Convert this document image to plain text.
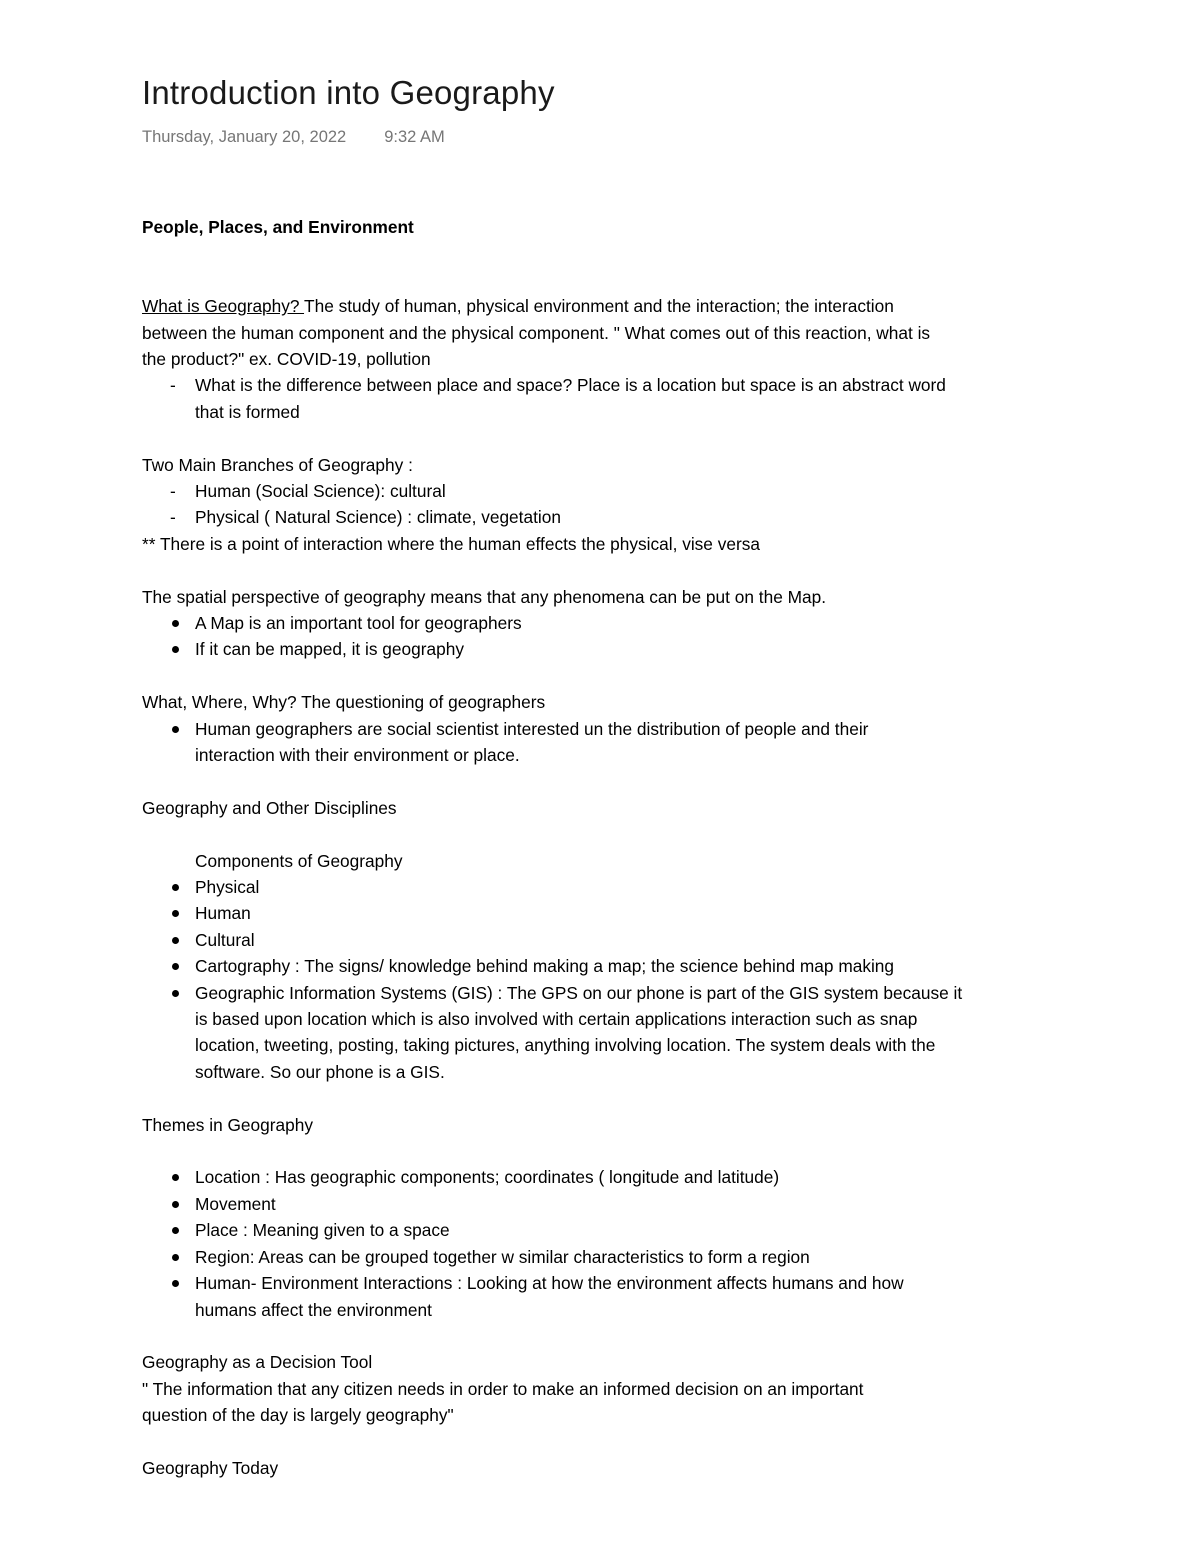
Introduction into Geography
Thursday, January 20, 2022 9:32 AM

People, Places, and Environment

What is Geography? The study of human, physical environment and the interaction; the interaction

between the human component and the physical component. " What comes out of this reaction, what is

the product?" ex. COVID-19, pollution

-

What is the difference between place and space? Place is a location but space is an abstract word

that is formed

Two Main Branches of Geography :

-

Human (Social Science): cultural

-

Physical ( Natural Science) : climate, vegetation

** There is a point of interaction where the human effects the physical, vise versa

The spatial perspective of geography means that any phenomena can be put on the Map.

A Map is an important tool for geographers

If it can be mapped, it is geography

What, Where, Why? The questioning of geographers

Human geographers are social scientist interested un the distribution of people and their

interaction with their environment or place.

Geography and Other Disciplines

Components of Geography

Physical

Human

Cultural

Cartography : The signs/ knowledge behind making a map; the science behind map making

Geographic Information Systems (GIS) : The GPS on our phone is part of the GIS system because it

is based upon location which is also involved with certain applications interaction such as snap

location, tweeting, posting, taking pictures, anything involving location. The system deals with the

software. So our phone is a GIS.

Themes in Geography

Location : Has geographic components; coordinates ( longitude and latitude)

Movement

Place : Meaning given to a space

Region: Areas can be grouped together w similar characteristics to form a region

Human- Environment Interactions : Looking at how the environment affects humans and how

humans affect the environment

Geography as a Decision Tool

" The information that any citizen needs in order to make an informed decision on an important

question of the day is largely geography"

Geography Today
